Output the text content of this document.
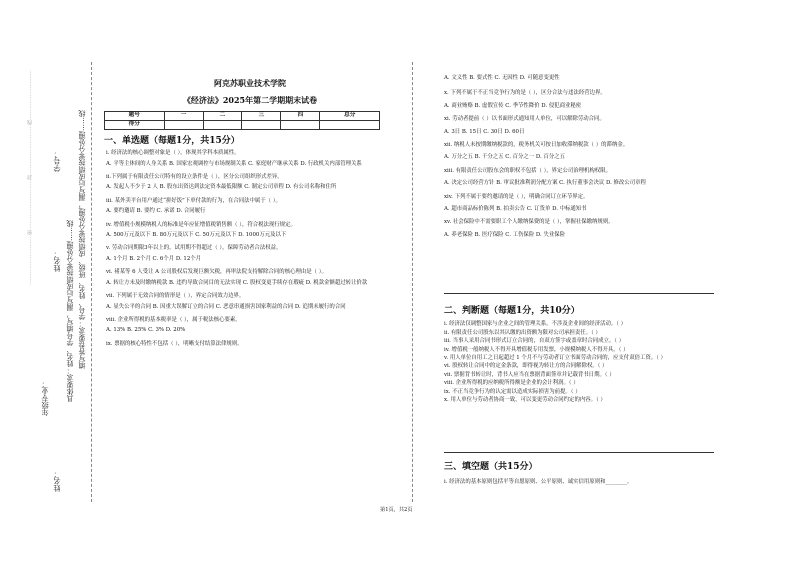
学号：
姓名：
姓名：
年级专业： 具体要求：姓名、学号填写，漏写后成绩按零分处理……线 填写答卷要求：学号、姓名、班级、成绩按零分处理，漏写后成绩按零分处理……线
…………………………密…………………………封…………………………线…………………………	阿克苏职业技术学院
《经济法》2025年第二学期期末试卷
题号	一	二	三	四	总分
得分					
一、单选题（每题1分，共15分）
i. 经济法的核心调整对象是（ ）。体现其学科本质属性。
A. 平等主体间的人身关系 B. 国家宏观调控与市场规制关系 C. 家庭财产继承关系 D. 行政机关内部管理关系
ii.下列属于有限责任公司特有的设立条件是（ ），区分公司组织形式差异。
A. 发起人不少于 2 人 B. 股东出资达到法定资本最低限额 C. 制定公司章程 D. 有公司名称和住所
iii. 某外卖平台用户通过“拼好饭”下单付款的行为，在合同法中属于（ ）。
A. 要约邀请 B. 要约 C. 承诺 D. 合同履行
iv. 增值税小规模纳税人的标准是年应征增值税销售额（ ），符合税法现行规定。
A. 500万元及以下 B. 80万元及以下 C. 50万元及以下 D. 1000万元及以下
v. 劳动合同期限3年以上的，试用期不得超过（ ），保障劳动者合法权益。
A. 1个月 B. 2个月 C. 6个月 D. 12个月
vi. 褚某等 6 人受让 A 公司股权后发现巨额欠税，再审法院支持解除合同的核心理由是（ ）。
A. 转让方未及时缴纳税款 B. 违约导致合同目的无法实现 C. 股权变更手续存在瑕疵 D. 税款金额超过转让价款
vii. 下列属于无效合同的情形是（ ），界定合同效力边界。
A. 显失公平的合同 B. 因重大误解订立的合同 C. 恶意串通损害国家利益的合同 D. 追期未履行的合同
viii. 企业所得税的基本税率是（ ），属于税法核心要素。
A. 13% B. 25% C. 3% D. 20%
ix. 票据的核心特性不包括（ ），明晰支付结算法律规则。
A. 文义性 B. 要式性 C. 无因性 D. 可随意变更性
x. 下列不属于不正当竞争行为的是（ ），区分合法与违法经营边界。
A. 商业贿赂 B. 虚假宣传 C. 季节性降价 D. 侵犯商业秘密
xi. 劳动者提前（ ）以书面形式通知用人单位，可以解除劳动合同。
A. 3日 B. 15日 C. 30日 D. 60日
xii. 纳税人未按期缴纳税款的，税务机关可按日加收滞纳税款（ ）的滞纳金。
A. 万分之五 B. 千分之五 C. 百分之一 D. 百分之五
xiii. 有限责任公司股东会的职权不包括（ ），界定公司治理机构权限。
A. 决定公司经营方针 B. 审议批准利润分配方案 C. 执行董事会决议 D. 修改公司章程
xiv. 下列不属于要约邀请的是（ ），明确合同订立环节界定。
A. 超市商品标价陈列 B. 拍卖公告 C. 订货单 D. 中标通知书
xv. 社会保险中不需要职工个人缴纳保费的是（ ），掌握社保缴纳规则。
A. 养老保险 B. 医疗保险 C. 工伤保险 D. 失业保险
二、判断题（每题1分，共10分）
i. 经济法仅调整国家与企业之间的管理关系，不涉及企业间的经济活动。（ ）
ii. 有限责任公司股东以其认缴的出资额为限对公司承担责任。（ ）
iii. 当事人采用合同书形式订立合同的，自双方签字或盖章时合同成立。（ ）
iv. 增值税一般纳税人不得开具增值税专用发票，小规模纳税人不得开具。（ ）
v. 用人单位自用工之日起超过 1 个月不与劳动者订立书面劳动合同的，应支付双倍工资。（ ）
vi. 股权转让合同中的定金条款，即得视为转让方的合同解除权。（ ）
vii. 票据背书转让时，背书人应当在票据背面签章并记载背书日期。（ ）
viii. 企业所得税的应纳税所得额是企业的会计利润。（ ）
ix. 不正当竞争行为的认定需以造成实际损害为前提。（ ）
x. 用人单位与劳动者协商一致，可以变更劳动合同约定的内容。（ ）
三、填空题（共15分）
i. 经济法的基本原则包括平等自愿原则、公平原则、诚实信用原则和________。
第1页，共2页
